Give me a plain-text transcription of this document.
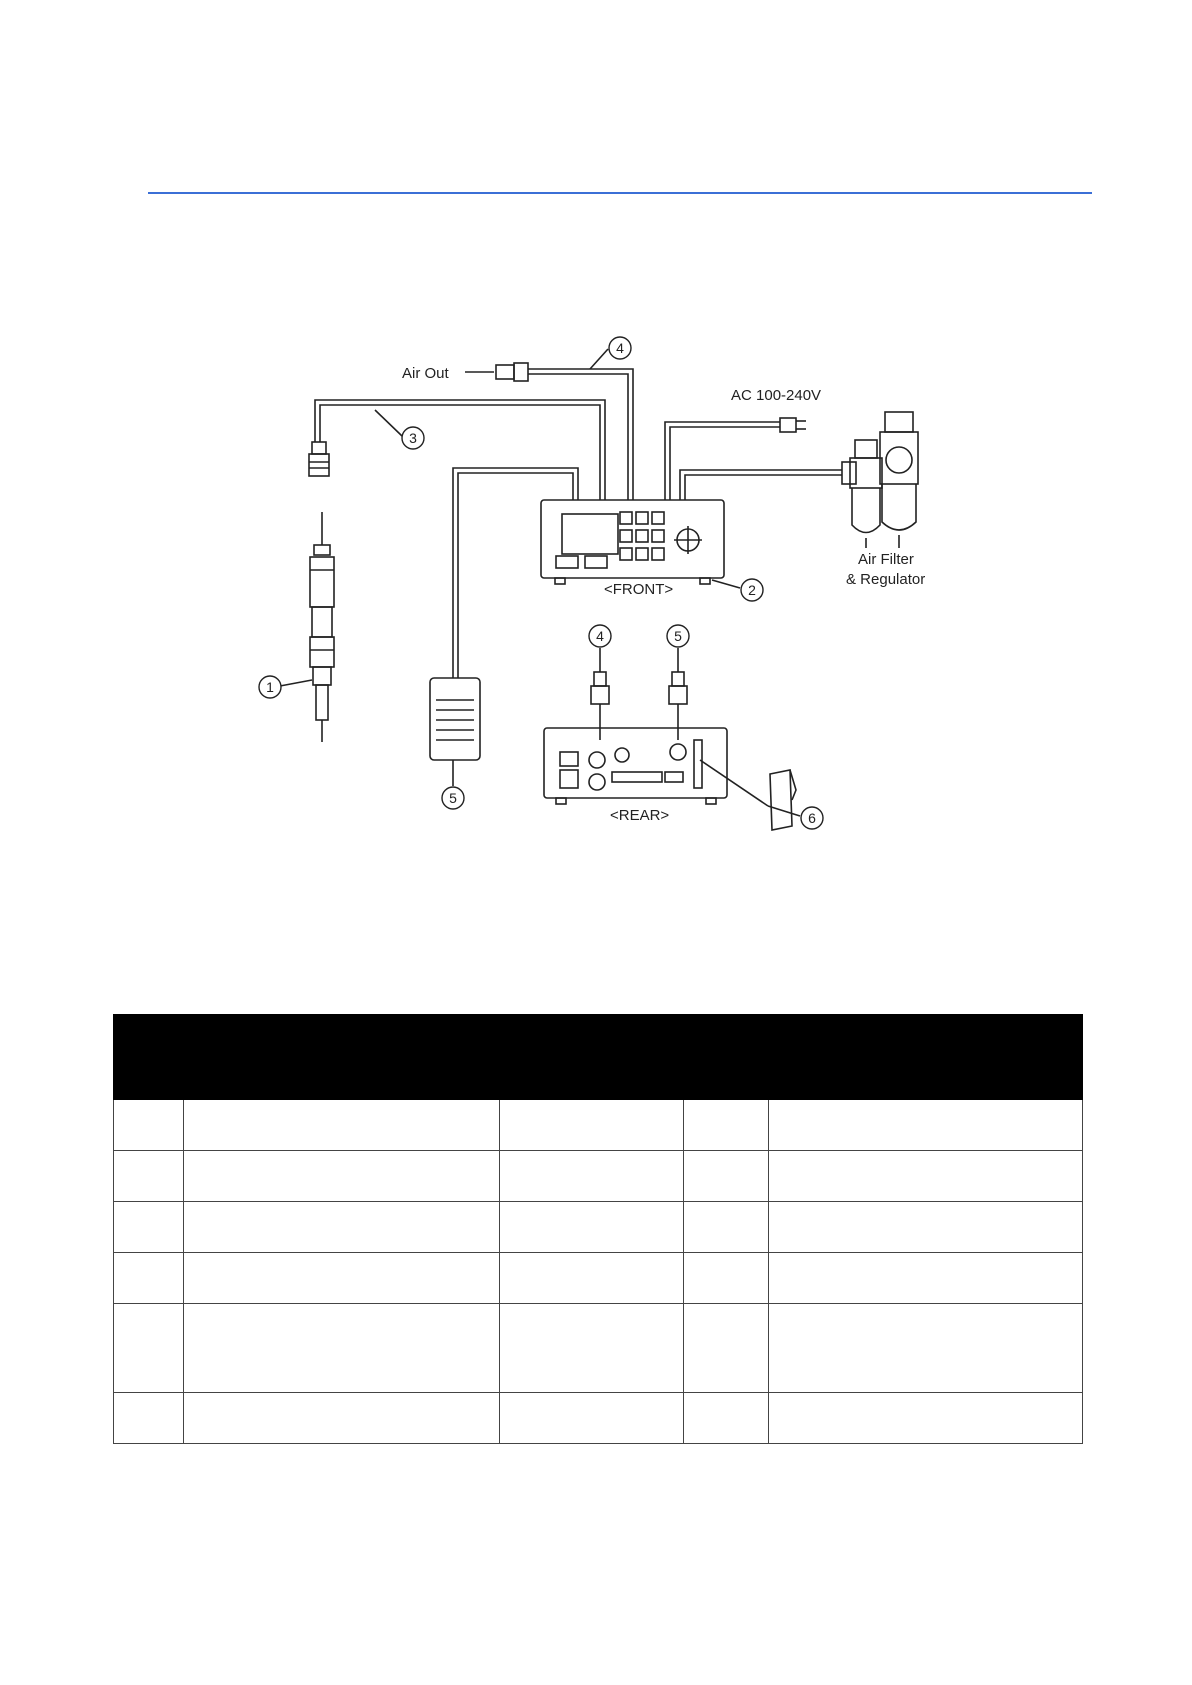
1
2
3
4
4	5
5
6
Air Out
AC 100-240V
Air Filter
& Regulator
<FRONT>
<REAR>
